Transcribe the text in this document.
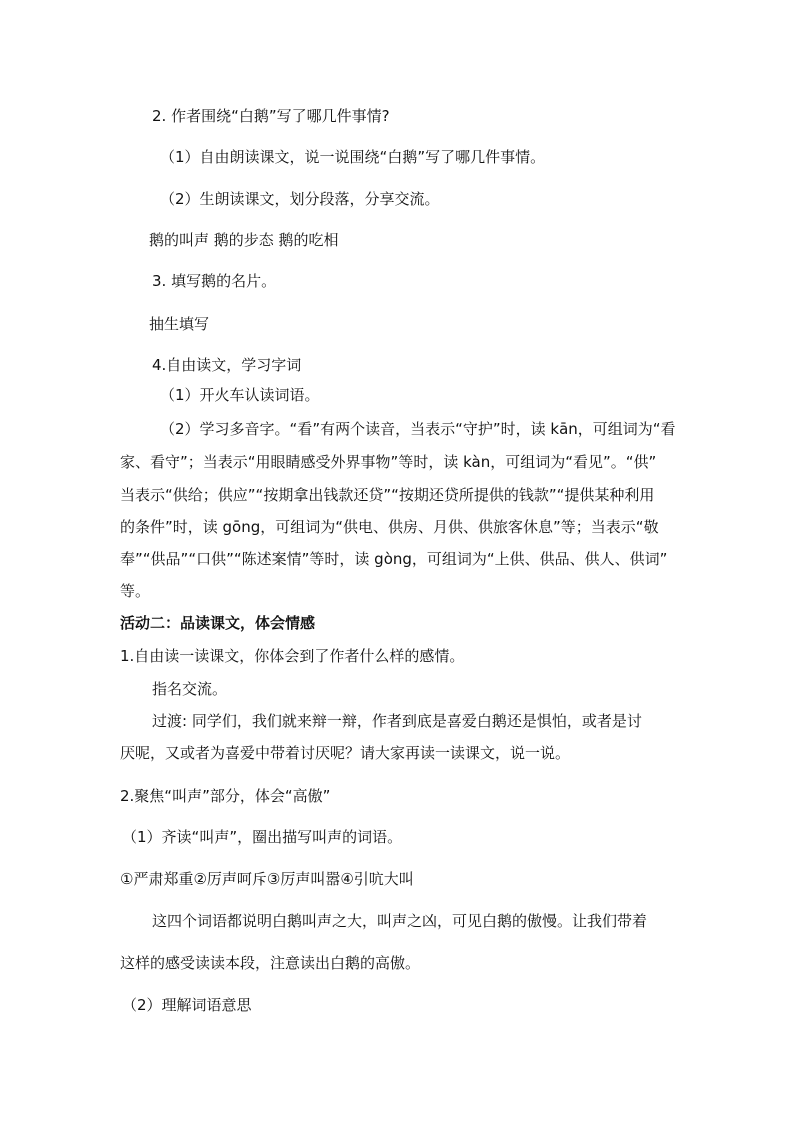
2. 作者围绕“白鹅”写了哪几件事情?

（1）自由朗读课文，说一说围绕“白鹅”写了哪几件事情。

（2）生朗读课文，划分段落，分享交流。

鹅的叫声 鹅的步态 鹅的吃相

3. 填写鹅的名片。

抽生填写

4.自由读文，学习字词

（1）开火车认读词语。

（2）学习多音字。“看”有两个读音，当表示“守护”时，读 kān，可组词为“看

家、看守”；当表示“用眼睛感受外界事物”等时，读 kàn，可组词为“看见”。“供”

当表示“供给；供应”“按期拿出钱款还贷”“按期还贷所提供的钱款”“提供某种利用

的条件”时，读 gōng，可组词为“供电、供房、月供、供旅客休息”等；当表示“敬

奉”“供品”“口供”“陈述案情”等时，读 gòng，可组词为“上供、供品、供人、供词”

等。

活动二：品读课文，体会情感

1.自由读一读课文，你体会到了作者什么样的感情。

指名交流。

过渡: 同学们，我们就来辩一辩，作者到底是喜爱白鹅还是惧怕，或者是讨

厌呢，又或者为喜爱中带着讨厌呢？请大家再读一读课文，说一说。

2.聚焦“叫声”部分，体会“高傲”

（1）齐读“叫声”，圈出描写叫声的词语。

①严肃郑重②厉声呵斥③厉声叫嚣④引吭大叫

这四个词语都说明白鹅叫声之大，叫声之凶，可见白鹅的傲慢。让我们带着

这样的感受读读本段，注意读出白鹅的高傲。

（2）理解词语意思
